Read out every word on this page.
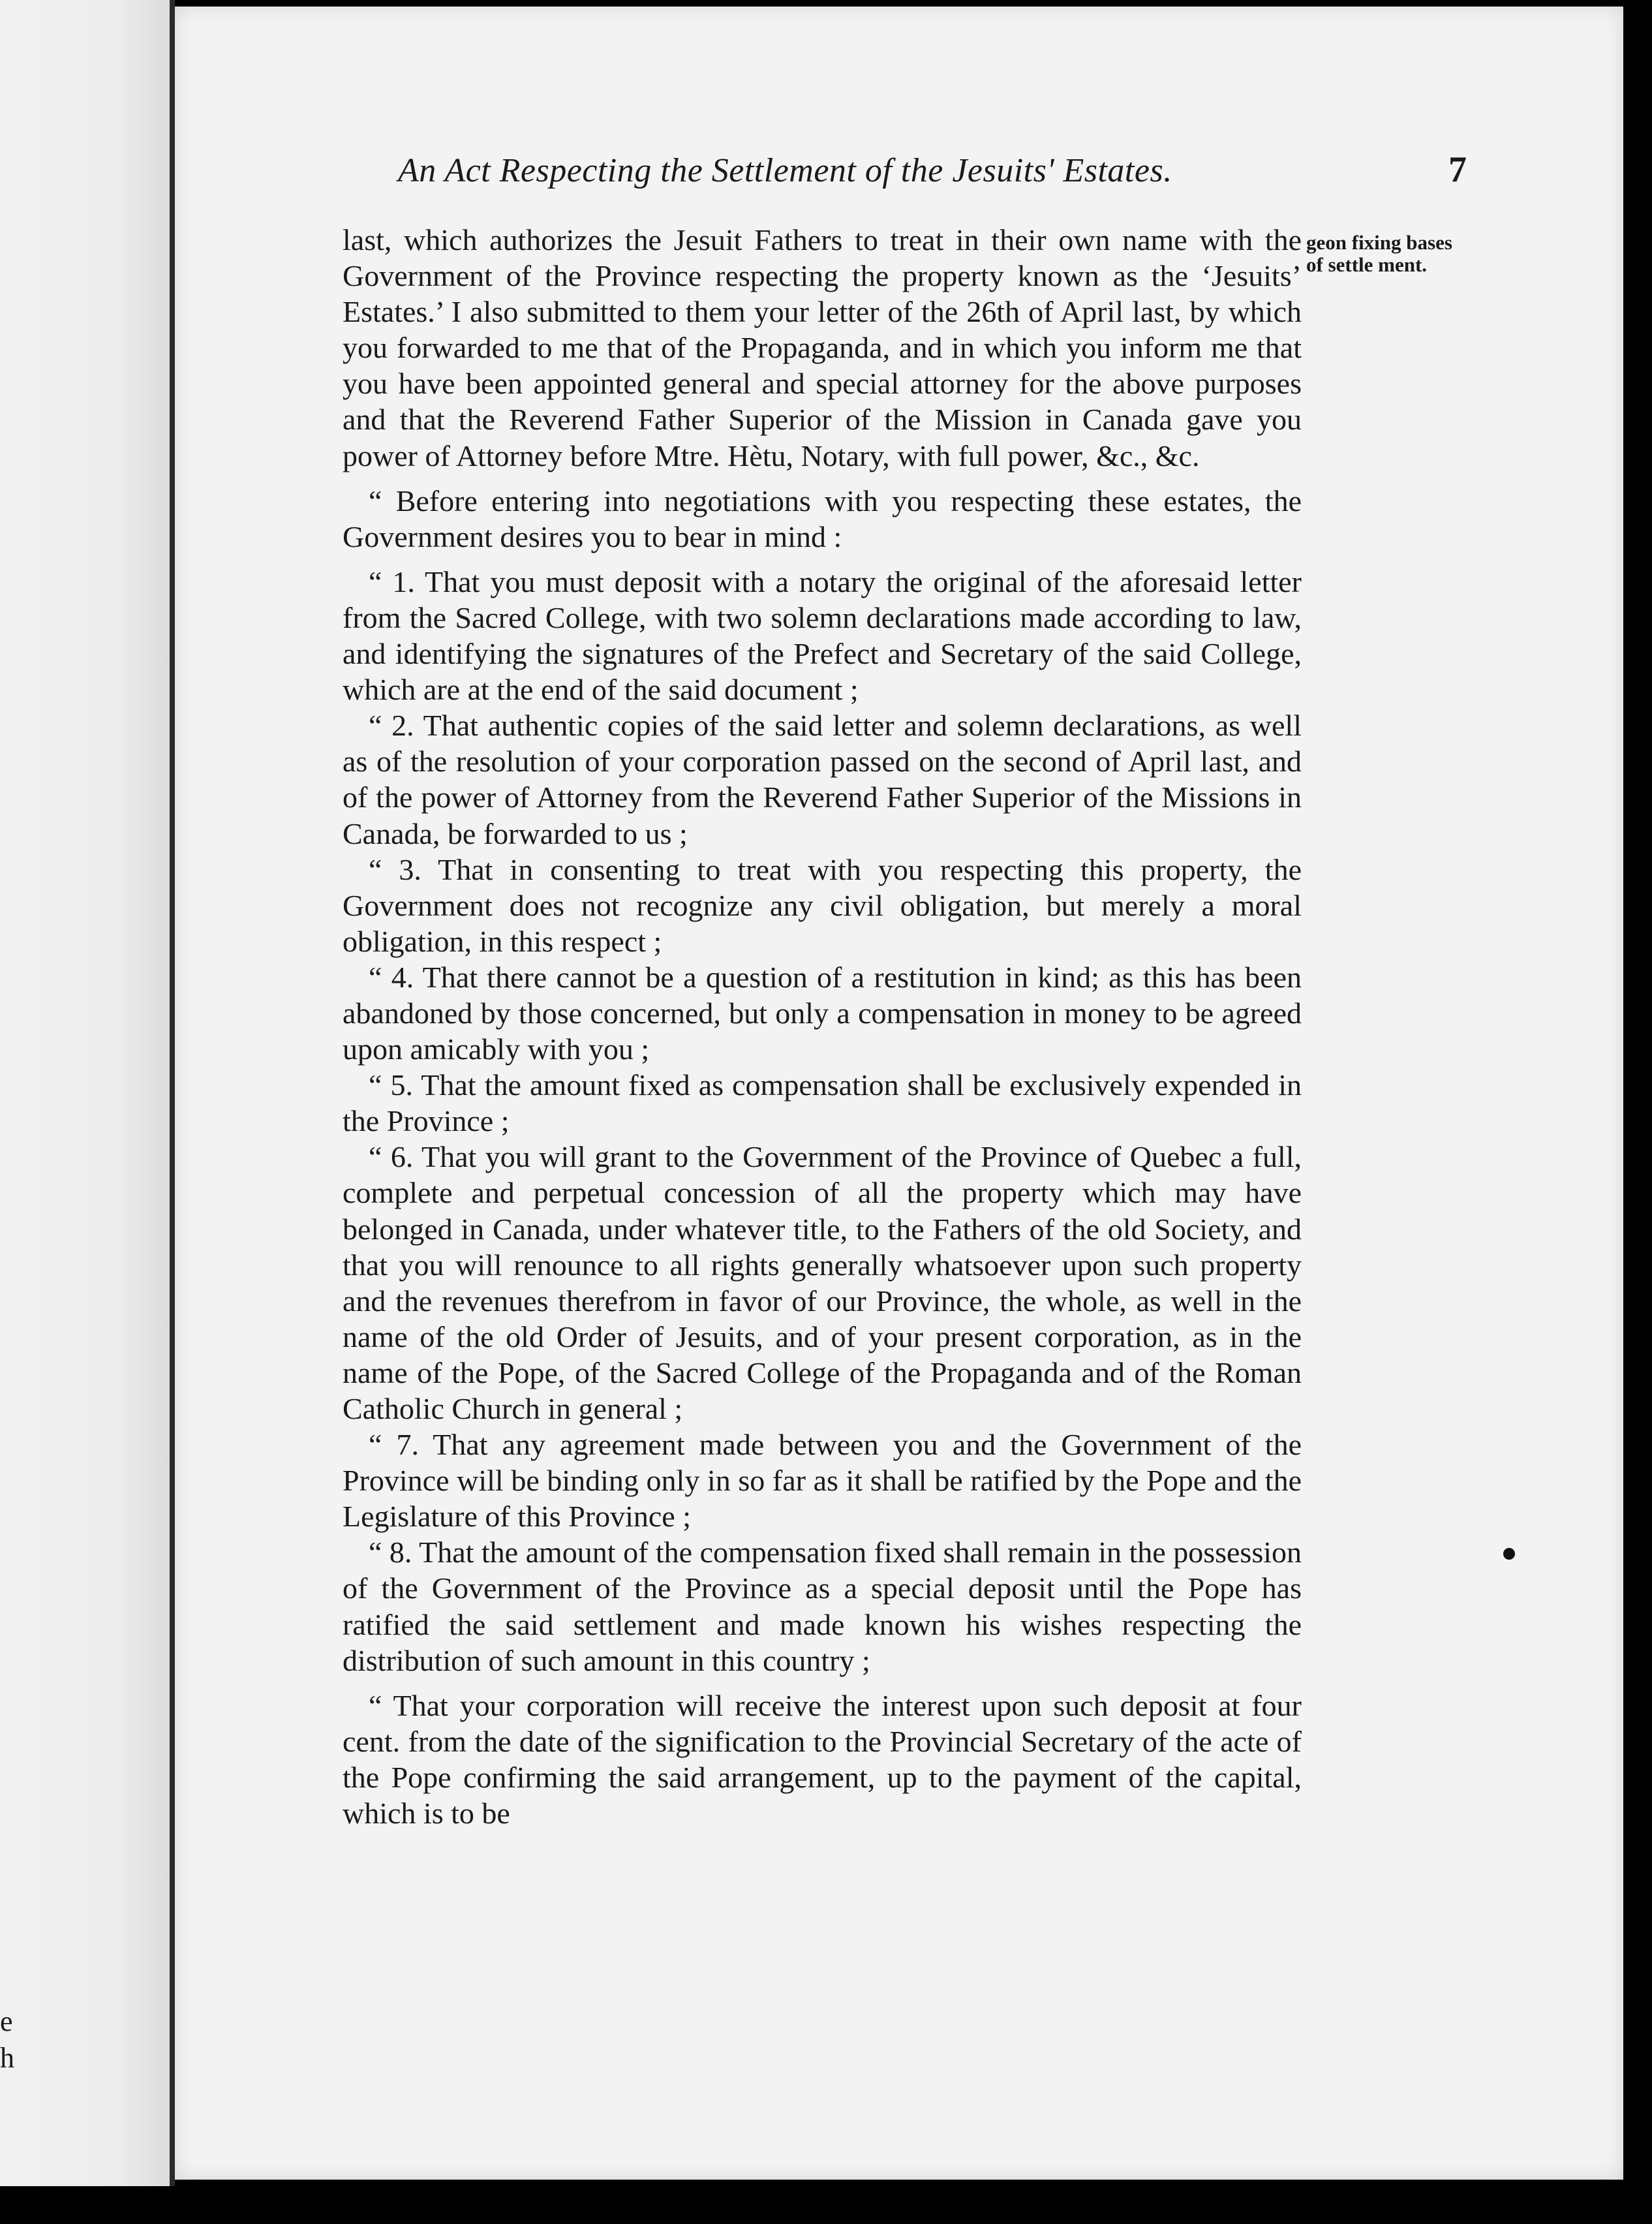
e
h
An Act Respecting the Settlement of the Jesuits' Estates.	7
geon fixing bases of settle ment.

last, which authorizes the Jesuit Fathers to treat in their own name with the Government of the Province respecting the property known as the ‘Jesuits’ Estates.’ I also submitted to them your letter of the 26th of April last, by which you forwarded to me that of the Propaganda, and in which you inform me that you have been appointed general and special attorney for the above purposes and that the Reverend Father Superior of the Mission in Canada gave you power of Attorney before Mtre. Hètu, Notary, with full power, &c., &c.

“ Before entering into negotiations with you respecting these estates, the Government desires you to bear in mind :

“ 1. That you must deposit with a notary the original of the aforesaid letter from the Sacred College, with two solemn declarations made according to law, and identifying the signatures of the Prefect and Secretary of the said College, which are at the end of the said document ;

“ 2. That authentic copies of the said letter and solemn declarations, as well as of the resolution of your corporation passed on the second of April last, and of the power of Attorney from the Reverend Father Superior of the Missions in Canada, be forwarded to us ;

“ 3. That in consenting to treat with you respecting this property, the Government does not recognize any civil obligation, but merely a moral obligation, in this respect ;

“ 4. That there cannot be a question of a restitution in kind; as this has been abandoned by those concerned, but only a compensation in money to be agreed upon amicably with you ;

“ 5. That the amount fixed as compensation shall be exclusively expended in the Province ;

“ 6. That you will grant to the Government of the Province of Quebec a full, complete and perpetual concession of all the property which may have belonged in Canada, under whatever title, to the Fathers of the old Society, and that you will renounce to all rights generally whatsoever upon such property and the revenues therefrom in favor of our Province, the whole, as well in the name of the old Order of Jesuits, and of your present corporation, as in the name of the Pope, of the Sacred College of the Propaganda and of the Roman Catholic Church in general ;

“ 7. That any agreement made between you and the Government of the Province will be binding only in so far as it shall be ratified by the Pope and the Legislature of this Province ;

“ 8. That the amount of the compensation fixed shall remain in the possession of the Government of the Province as a special deposit until the Pope has ratified the said settlement and made known his wishes respecting the distribution of such amount in this country ;

“ That your corporation will receive the interest upon such deposit at four cent. from the date of the signification to the Provincial Secretary of the acte of the Pope confirming the said arrangement, up to the payment of the capital, which is to be
